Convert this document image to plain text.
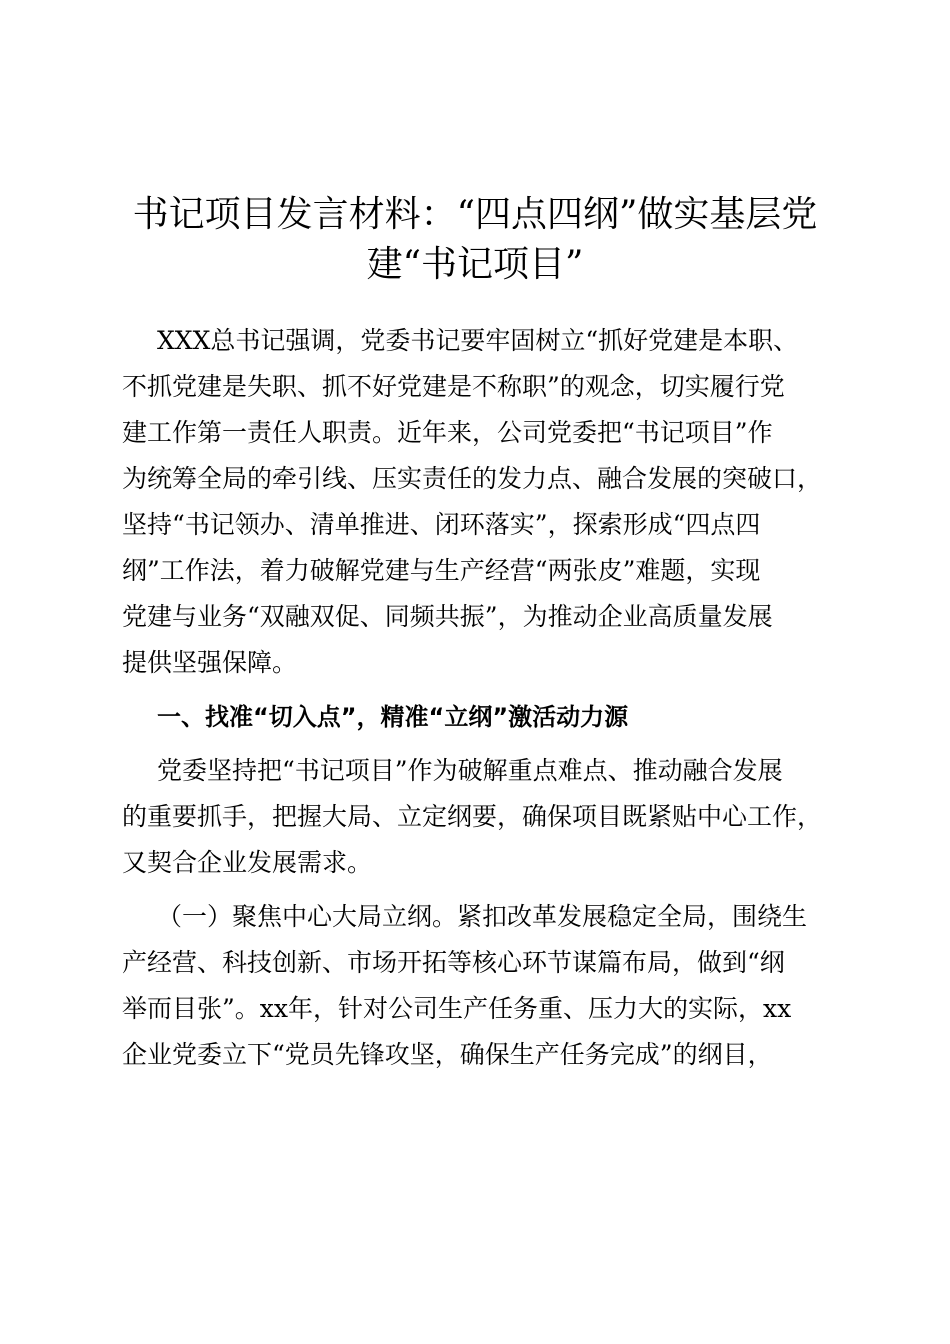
书记项目发言材料：“四点四纲”做实基层党
建“书记项目”
XXX总书记强调，党委书记要牢固树立“抓好党建是本职、
不抓党建是失职、抓不好党建是不称职”的观念，切实履行党
建工作第一责任人职责。近年来，公司党委把“书记项目”作
为统筹全局的牵引线、压实责任的发力点、融合发展的突破口，
坚持“书记领办、清单推进、闭环落实”，探索形成“四点四
纲”工作法，着力破解党建与生产经营“两张皮”难题，实现
党建与业务“双融双促、同频共振”，为推动企业高质量发展
提供坚强保障。
一、找准“切入点”，精准“立纲”激活动力源
党委坚持把“书记项目”作为破解重点难点、推动融合发展
的重要抓手，把握大局、立定纲要，确保项目既紧贴中心工作，
又契合企业发展需求。
（一）聚焦中心大局立纲。紧扣改革发展稳定全局，围绕生
产经营、科技创新、市场开拓等核心环节谋篇布局，做到“纲
举而目张”。xx年，针对公司生产任务重、压力大的实际，xx
企业党委立下“党员先锋攻坚，确保生产任务完成”的纲目，
